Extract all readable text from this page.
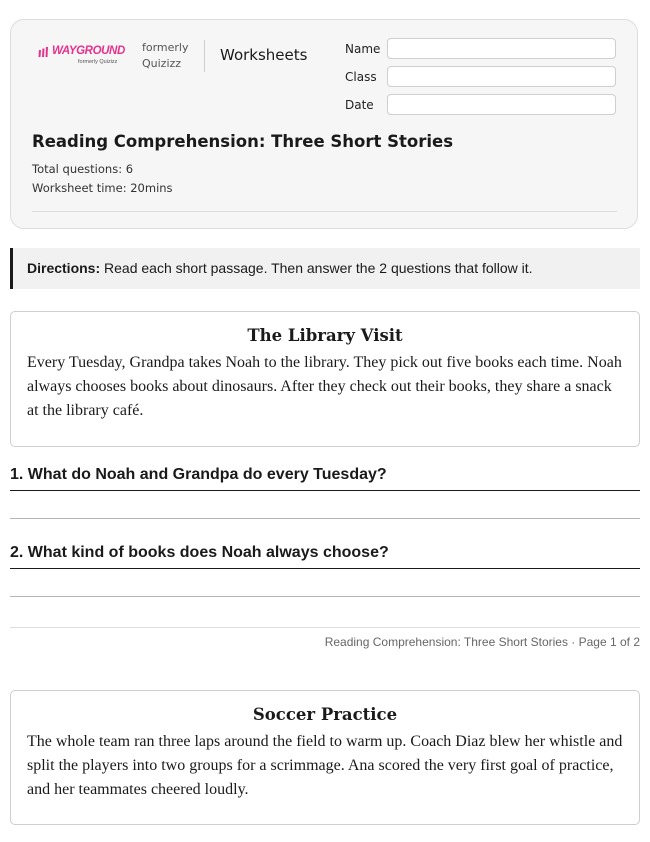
WAYGROUND
formerly Quizizz
formerly Quizizz	Worksheets	Name
Class
Date
Reading Comprehension: Three Short Stories
Total questions: 6
Worksheet time: 20mins
Directions: Read each short passage. Then answer the 2 questions that follow it.
The Library Visit

Every Tuesday, Grandpa takes Noah to the library. They pick out five books each time. Noah always chooses books about dinosaurs. After they check out their books, they share a snack at the library café.

1. What do Noah and Grandpa do every Tuesday?
2. What kind of books does Noah always choose?
Reading Comprehension: Three Short Stories · Page 1 of 2
Soccer Practice

The whole team ran three laps around the field to warm up. Coach Diaz blew her whistle and split the players into two groups for a scrimmage. Ana scored the very first goal of practice, and her teammates cheered loudly.
